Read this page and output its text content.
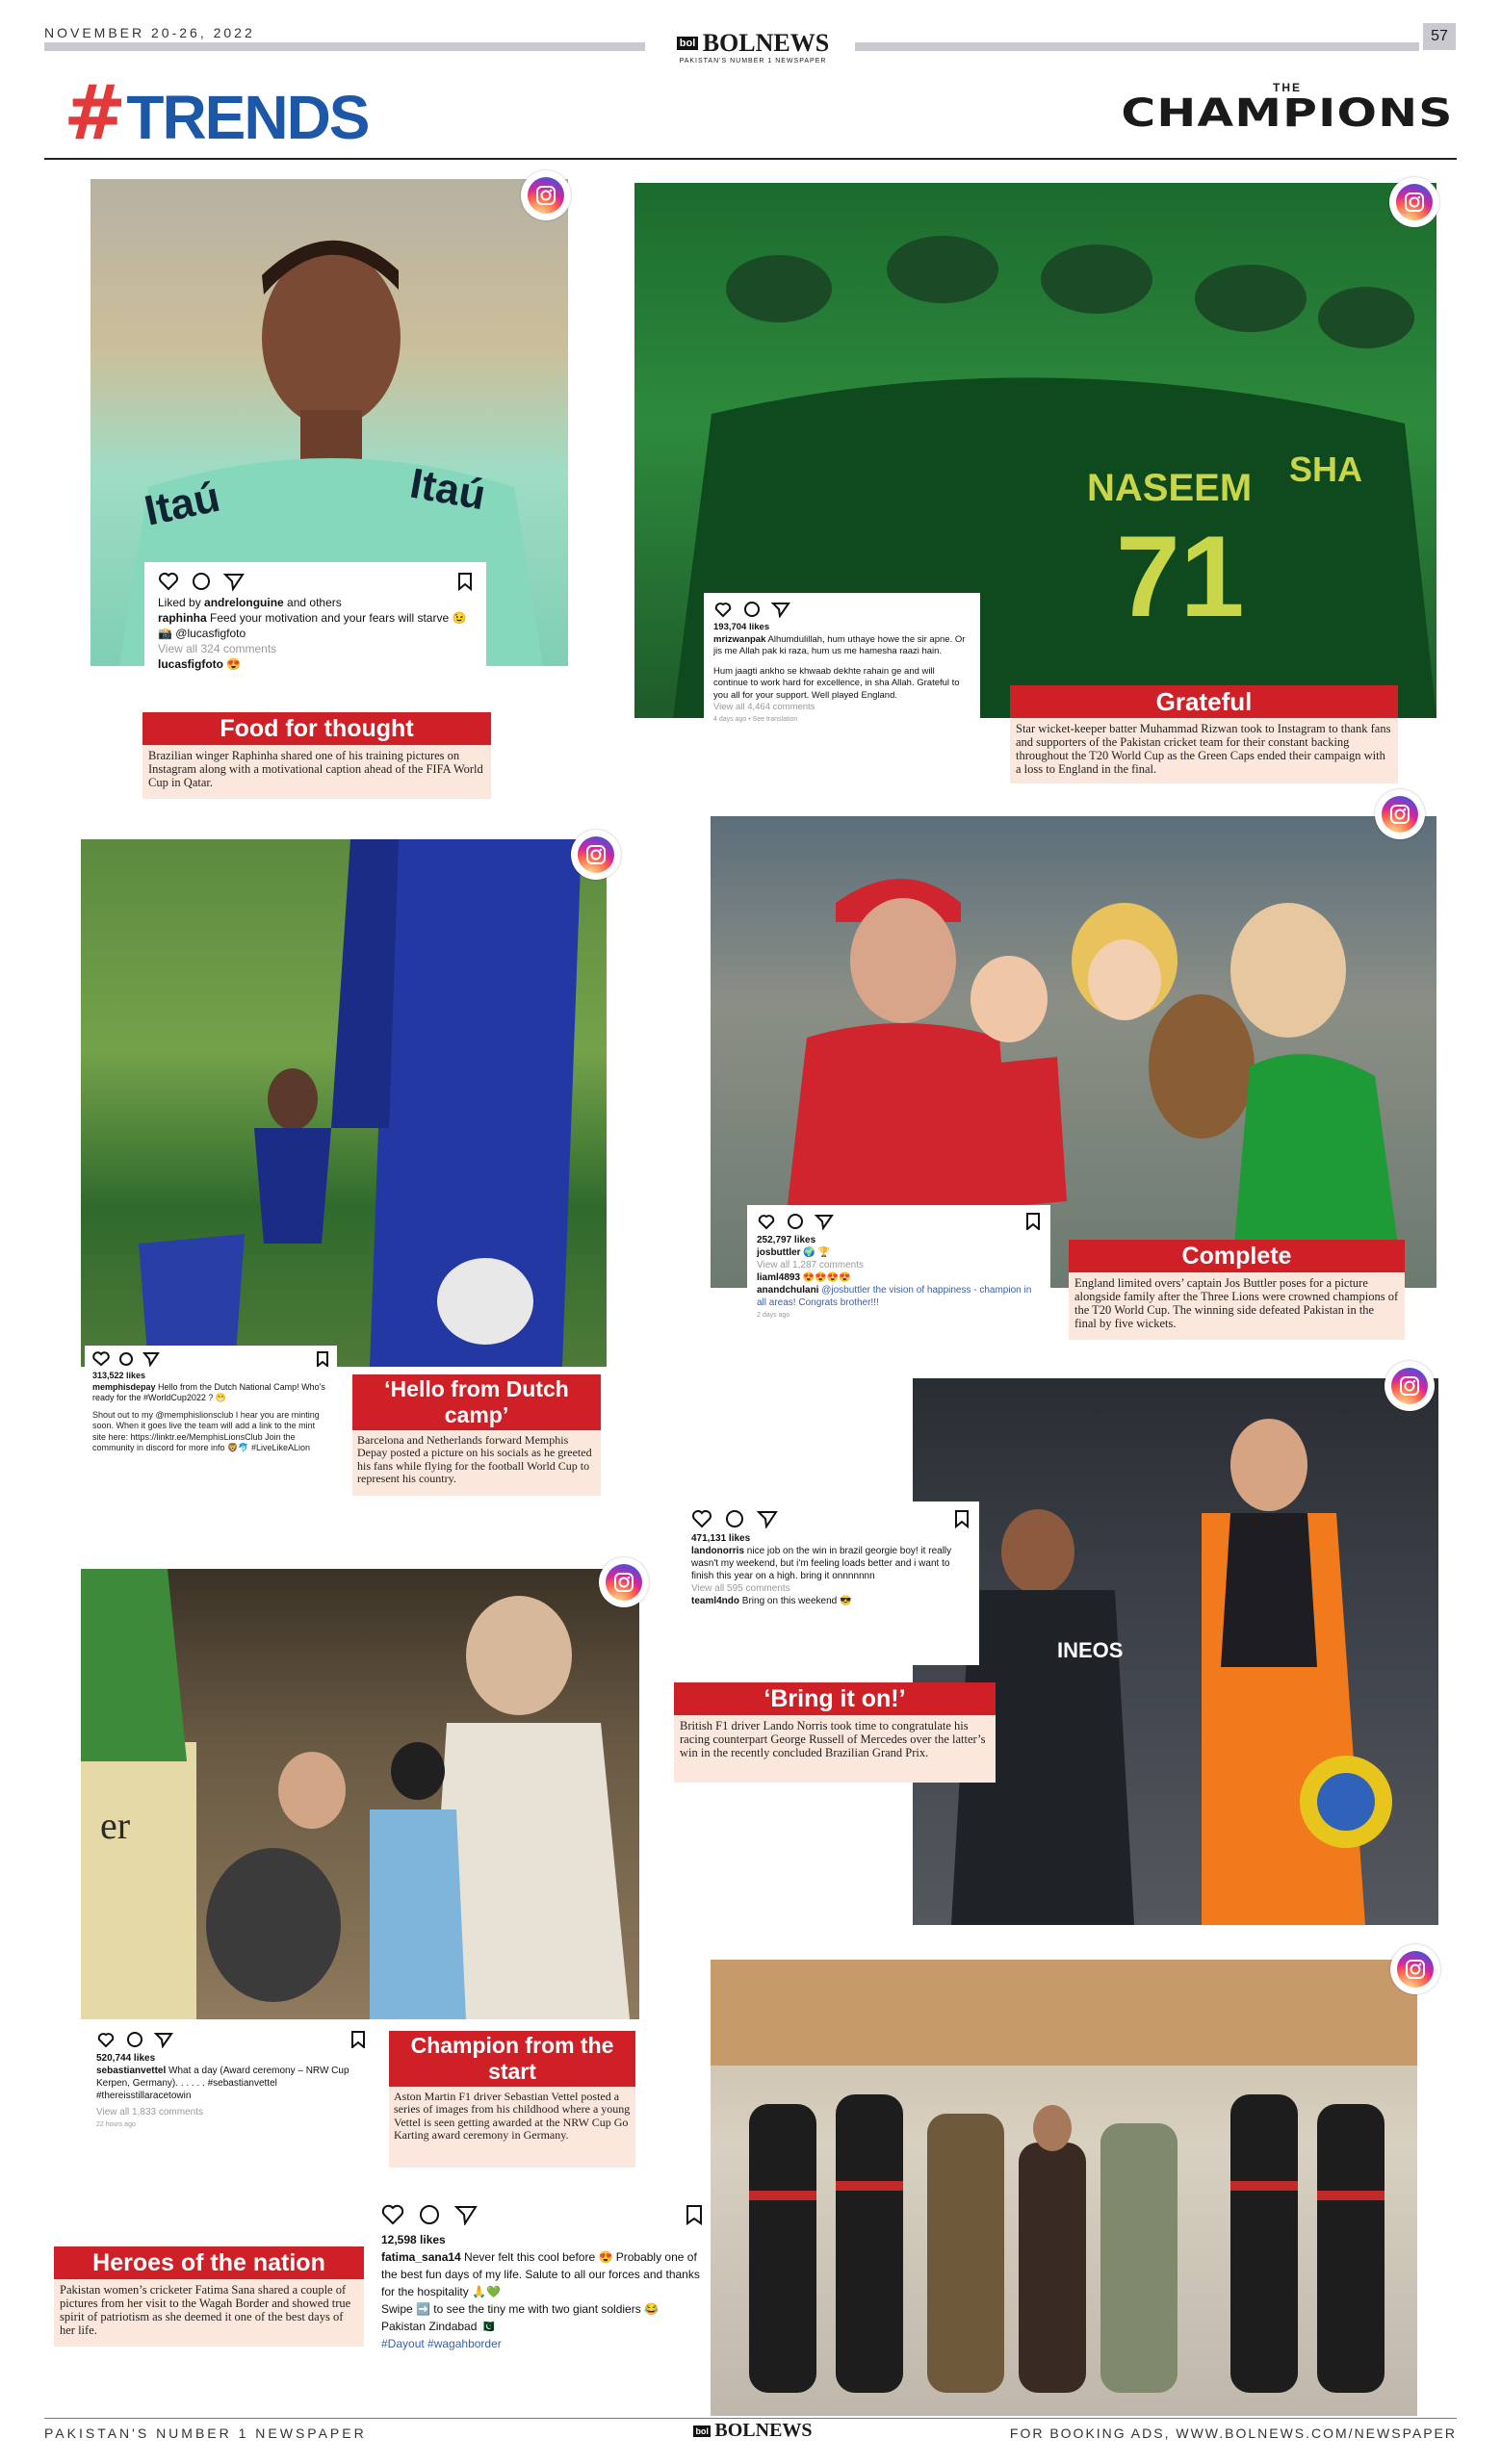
NOVEMBER 20-26, 2022
bol BOLNEWS
PAKISTAN'S NUMBER 1 NEWSPAPER
57
#TRENDS	THE
CHAMPIONS
Itaú	Itaú
Liked by andrelonguine and others
raphinha Feed your motivation and your fears will starve 😉 📸 @lucasfigfoto
View all 324 comments
lucasfigfoto 😍
Food for thought
Brazilian winger Raphinha shared one of his training pictures on Instagram along with a motivational caption ahead of the FIFA World Cup in Qatar.
NASEEM
71
SHA
193,704 likes
mrizwanpak Alhumdulillah, hum uthaye howe the sir apne. Or jis me Allah pak ki raza, hum us me hamesha raazi hain.
Hum jaagti ankho se khwaab dekhte rahain ge and will continue to work hard for excellence, in sha Allah. Grateful to you all for your support. Well played England.
View all 4,464 comments
4 days ago • See translation
Grateful
Star wicket-keeper batter Muhammad Rizwan took to Instagram to thank fans and supporters of the Pakistan cricket team for their constant backing throughout the T20 World Cup as the Green Caps ended their campaign with a loss to England in the final.
313,522 likes
memphisdepay Hello from the Dutch National Camp! Who's ready for the #WorldCup2022 ? 😁
Shout out to my @memphislionsclub I hear you are minting soon. When it goes live the team will add a link to the mint site here: https://linktr.ee/MemphisLionsClub Join the community in discord for more info 🦁🐬 #LiveLikeALion
‘Hello from Dutch camp’
Barcelona and Netherlands forward Memphis Depay posted a picture on his socials as he greeted his fans while flying for the football World Cup to represent his country.
252,797 likes
josbuttler 🌍 🏆
View all 1,287 comments
liaml4893 😍😍😍😍
anandchulani @josbuttler the vision of happiness - champion in all areas! Congrats brother!!!
2 days ago
Complete
England limited overs’ captain Jos Buttler poses for a picture alongside family after the Three Lions were crowned champions of the T20 World Cup. The winning side defeated Pakistan in the final by five wickets.
INEOS
471,131 likes
landonorris nice job on the win in brazil georgie boy! it really wasn't my weekend, but i'm feeling loads better and i want to finish this year on a high. bring it onnnnnnn
View all 595 comments
teaml4ndo Bring on this weekend 😎
‘Bring it on!’
British F1 driver Lando Norris took time to congratulate his racing counterpart George Russell of Mercedes over the latter’s win in the recently concluded Brazilian Grand Prix.
er
520,744 likes
sebastianvettel What a day (Award ceremony – NRW Cup Kerpen, Germany). . . . . . #sebastianvettel #thereisstillaracetowin
View all 1,833 comments
22 hours ago
Champion from the start
Aston Martin F1 driver Sebastian Vettel posted a series of images from his childhood where a young Vettel is seen getting awarded at the NRW Cup Go Karting award ceremony in Germany.
12,598 likes
fatima_sana14 Never felt this cool before 😍 Probably one of the best fun days of my life. Salute to all our forces and thanks for the hospitality 🙏💚
Swipe ➡️ to see the tiny me with two giant soldiers 😂
Pakistan Zindabad 🇵🇰
#Dayout #wagahborder
Heroes of the nation
Pakistan women’s cricketer Fatima Sana shared a couple of pictures from her visit to the Wagah Border and showed true spirit of patriotism as she deemed it one of the best days of her life.
PAKISTAN'S NUMBER 1 NEWSPAPER	bol BOLNEWS	FOR BOOKING ADS, WWW.BOLNEWS.COM/NEWSPAPER
